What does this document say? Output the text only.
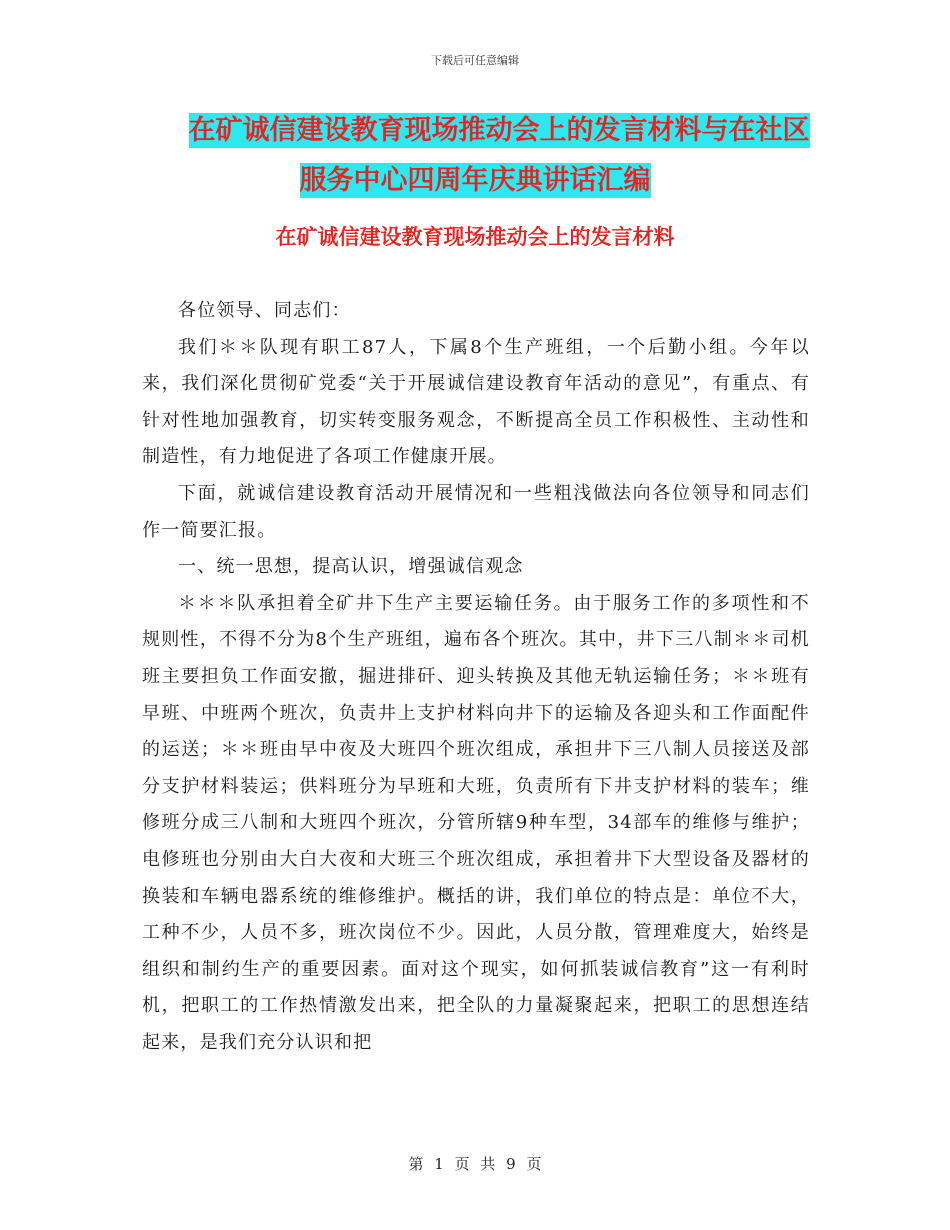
下载后可任意编辑
在矿诚信建设教育现场推动会上的发言材料与在社区
服务中心四周年庆典讲话汇编
在矿诚信建设教育现场推动会上的发言材料

各位领导、同志们：

我们＊＊队现有职工87人，下属8个生产班组，一个后勤小组。今年以来，我们深化贯彻矿党委“关于开展诚信建设教育年活动的意见”，有重点、有针对性地加强教育，切实转变服务观念，不断提高全员工作积极性、主动性和制造性，有力地促进了各项工作健康开展。

下面，就诚信建设教育活动开展情况和一些粗浅做法向各位领导和同志们作一简要汇报。

一、统一思想，提高认识，增强诚信观念

＊＊＊队承担着全矿井下生产主要运输任务。由于服务工作的多项性和不规则性，不得不分为8个生产班组，遍布各个班次。其中，井下三八制＊＊司机班主要担负工作面安撤，掘进排矸、迎头转换及其他无轨运输任务；＊＊班有早班、中班两个班次，负责井上支护材料向井下的运输及各迎头和工作面配件的运送；＊＊班由早中夜及大班四个班次组成，承担井下三八制人员接送及部分支护材料装运；供料班分为早班和大班，负责所有下井支护材料的装车；维修班分成三八制和大班四个班次，分管所辖9种车型，34部车的维修与维护；电修班也分别由大白大夜和大班三个班次组成，承担着井下大型设备及器材的换装和车辆电器系统的维修维护。概括的讲，我们单位的特点是：单位不大，工种不少，人员不多，班次岗位不少。因此，人员分散，管理难度大，始终是组织和制约生产的重要因素。面对这个现实，如何抓装诚信教育”这一有利时机，把职工的工作热情激发出来，把全队的力量凝聚起来，把职工的思想连结起来，是我们充分认识和把

第 1 页 共 9 页
